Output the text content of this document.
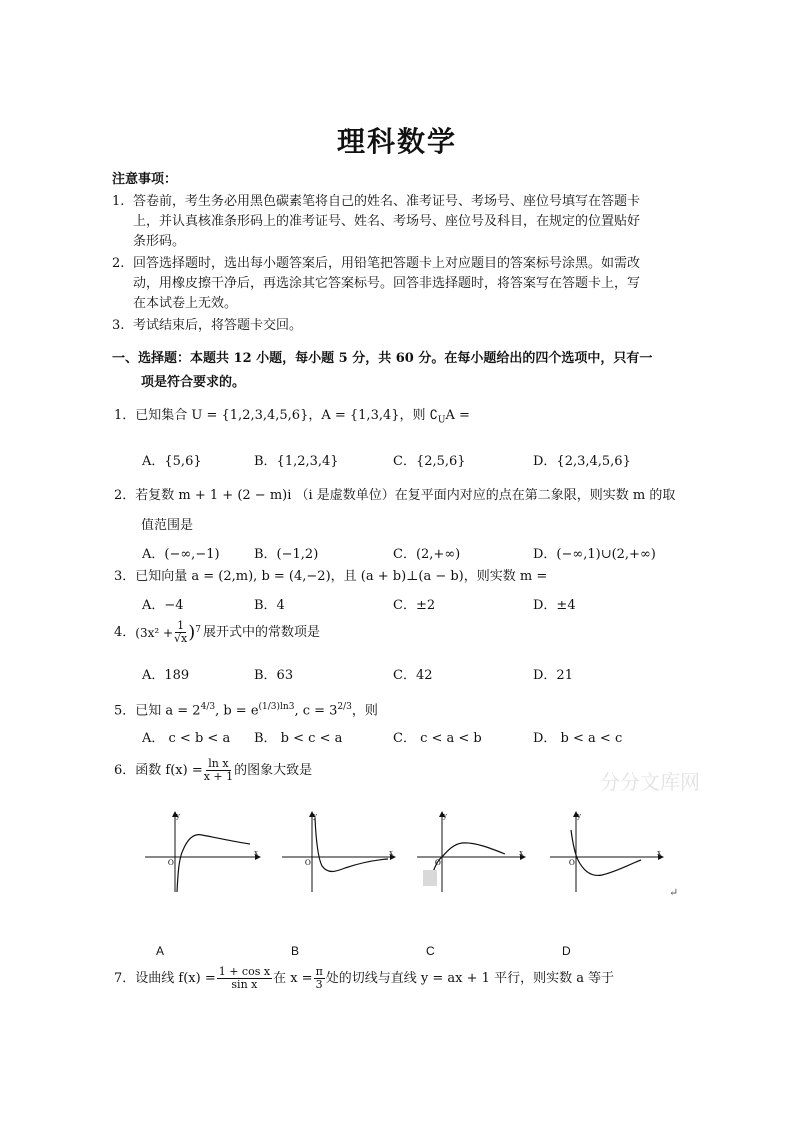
理科数学
注意事项：
1. 答卷前，考生务必用黑色碳素笔将自己的姓名、准考证号、考场号、座位号填写在答题卡
上，并认真核准条形码上的准考证号、姓名、考场号、座位号及科目，在规定的位置贴好
条形码。
2. 回答选择题时，选出每小题答案后，用铅笔把答题卡上对应题目的答案标号涂黑。如需改
动，用橡皮擦干净后，再选涂其它答案标号。回答非选择题时，将答案写在答题卡上，写
在本试卷上无效。
3. 考试结束后，将答题卡交回。
一、选择题：本题共 12 小题，每小题 5 分，共 60 分。在每小题给出的四个选项中，只有一
项是符合要求的。
1．已知集合 U = {1,2,3,4,5,6}，A = {1,3,4}，则 $∁_UA$ =
A．{5,6}	B．{1,2,3,4}	C．{2,5,6}	D．{2,3,4,5,6}
2．若复数 m + 1 + (2 − m)i （i 是虚数单位）在复平面内对应的点在第二象限，则实数 m 的取
值范围是
A．(−∞,−1)	B．(−1,2)	C．(2,+∞)	D．(−∞,1)∪(2,+∞)
3．已知向量 a = (2,m), b = (4,−2)，且 (a + b)⊥(a − b)，则实数 m =
A．−4	B．4	C．±2	D．±4
4． ($3x^2 + \frac{1}{√x}$ ) 7 展开式中的常数项是
A．189	B．63	C．42	D．21
5．已知 $a = 2^{4/3}$, $b = e^{(1/3)ln3}$, $c = 3^{2/3}$，则
A． c < b < a B． b < c < a	C． c < a < b	D． b < a < c
6．函数 $f(x) = \frac{\text{ln x}}{x + 1}$ 的图象大致是	分分文库网
y
x
O
y
x
O
y
x
O
y
x
O
↵
A	B	C	D
7．设曲线 $f(x) = \frac{\text{1 + cos x}}{\text{sin x}}$ 在 $x = \frac{\pi}{3}$ 处的切线与直线 y = ax + 1 平行，则实数 a 等于
